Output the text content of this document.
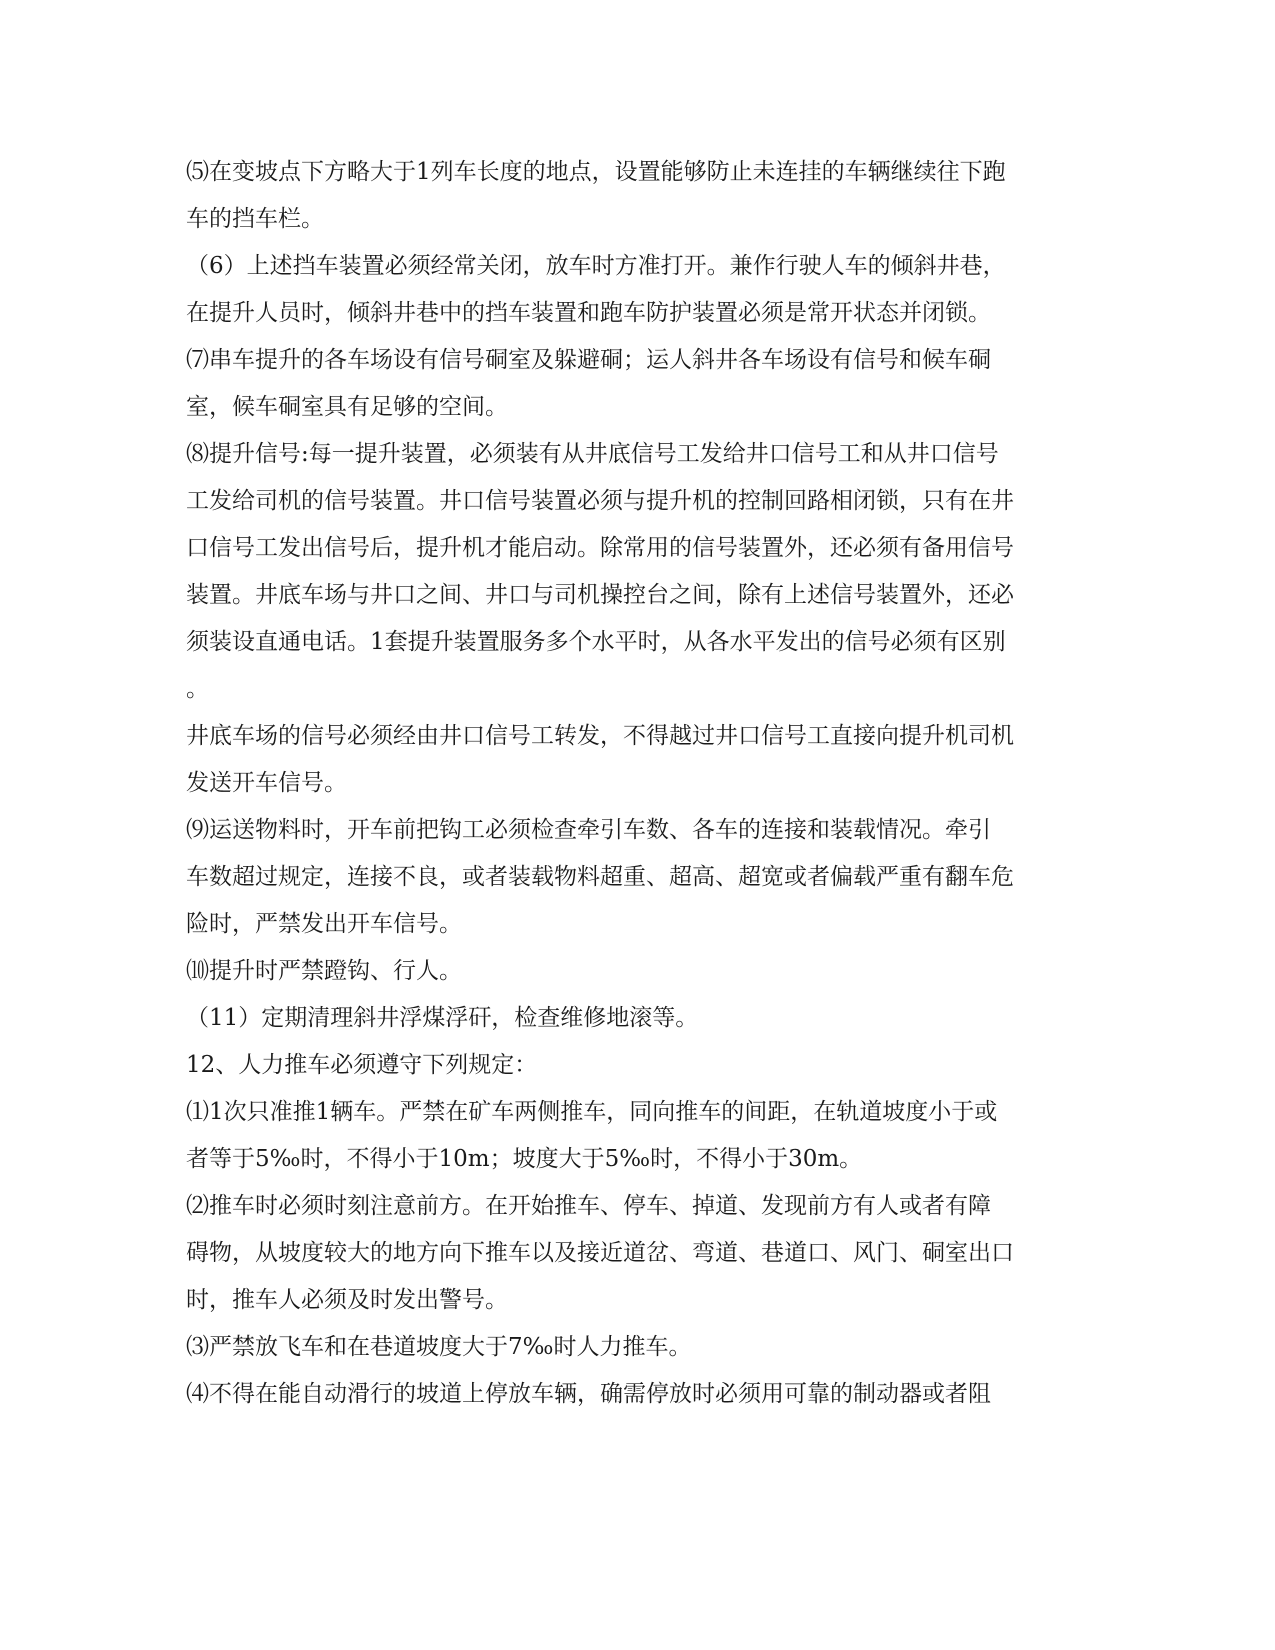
⑸在变坡点下方略大于1列车长度的地点，设置能够防止未连挂的车辆继续往下跑

车的挡车栏。

（6）上述挡车装置必须经常关闭，放车时方准打开。兼作行驶人车的倾斜井巷，

在提升人员时，倾斜井巷中的挡车装置和跑车防护装置必须是常开状态并闭锁。

⑺串车提升的各车场设有信号硐室及躲避硐；运人斜井各车场设有信号和候车硐

室，候车硐室具有足够的空间。

⑻提升信号:每一提升装置，必须装有从井底信号工发给井口信号工和从井口信号

工发给司机的信号装置。井口信号装置必须与提升机的控制回路相闭锁，只有在井

口信号工发出信号后，提升机才能启动。除常用的信号装置外，还必须有备用信号

装置。井底车场与井口之间、井口与司机操控台之间，除有上述信号装置外，还必

须装设直通电话。1套提升装置服务多个水平时，从各水平发出的信号必须有区别

。

井底车场的信号必须经由井口信号工转发，不得越过井口信号工直接向提升机司机

发送开车信号。

⑼运送物料时，开车前把钩工必须检查牵引车数、各车的连接和装载情况。牵引

车数超过规定，连接不良，或者装载物料超重、超高、超宽或者偏载严重有翻车危

险时，严禁发出开车信号。

⑽提升时严禁蹬钩、行人。

（11）定期清理斜井浮煤浮矸，检查维修地滚等。

12、人力推车必须遵守下列规定：

⑴1次只准推1辆车。严禁在矿车两侧推车，同向推车的间距，在轨道坡度小于或

者等于5‰时，不得小于10m；坡度大于5‰时，不得小于30m。

⑵推车时必须时刻注意前方。在开始推车、停车、掉道、发现前方有人或者有障

碍物，从坡度较大的地方向下推车以及接近道岔、弯道、巷道口、风门、硐室出口

时，推车人必须及时发出警号。

⑶严禁放飞车和在巷道坡度大于7‰时人力推车。

⑷不得在能自动滑行的坡道上停放车辆，确需停放时必须用可靠的制动器或者阻
